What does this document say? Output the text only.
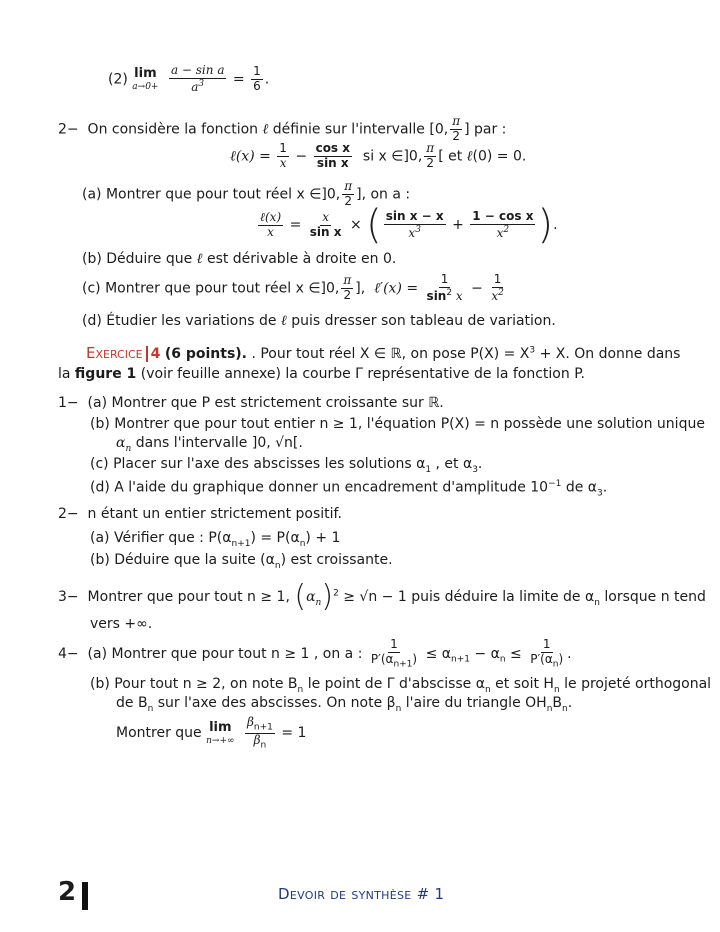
(2) lim
a→0+
$\frac{\text{a − sin a}}{a^3} = \frac{1}{6}$ .
2− On considère la fonction ℓ définie sur l'intervalle [0, $\frac{\pi}{2}$ ] par :
ℓ(x) = $\frac{1}{x} - \frac{\text{cos x}}{\text{sin x}}$ si x ∈]0, $\frac{\pi}{2}$ [ et ℓ(0) = 0.
(a) Montrer que pour tout réel x ∈]0, $\frac{\pi}{2}$ ], on a :
$\frac{\text{ℓ(x)}}{x} = \frac{x}{\text{sin x}}$ × ( $\frac{\text{sin x − x}}{x^3} + \frac{\text{1 − cos x}}{x^2}$ ).
(b) Déduire que ℓ est dérivable à droite en 0.
(c) Montrer que pour tout réel x ∈]0, $\frac{\pi}{2}$ ], ℓ′(x) = $\frac{1}{\sin^2 x} - \frac{1}{x^2}$
(d) Étudier les variations de ℓ puis dresser son tableau de variation.
Exercice 4 (6 points). . Pour tout réel X ∈ ℝ, on pose $P(X) = X^3 + X$. On donne dans
la figure 1 (voir feuille annexe) la courbe Γ représentative de la fonction P.
1− (a) Montrer que P est strictement croissante sur ℝ.
(b) Montrer que pour tout entier n ≥ 1, l'équation P(X) = n possède une solution unique
$\alpha_n$ dans l'intervalle ]0, √n[.
(c) Placer sur l'axe des abscisses les solutions $\alpha_1$ , et $\alpha_3$.
(d) A l'aide du graphique donner un encadrement d'amplitude $10^{-1}$ de $\alpha_3$.
2− n étant un entier strictement positif.
(a) Vérifier que : $P(\alpha_{n+1}) = P(\alpha_n) + 1$
(b) Déduire que la suite $(\alpha_n)$ est croissante.
3− Montrer que pour tout n ≥ 1, $(\alpha_n)^2 \ge √n - 1$ puis déduire la limite de $\alpha_n$ lorsque n tend
vers +∞.
4− (a) Montrer que pour tout n ≥ 1 , on a : $\frac{1}{P'(\alpha_{n+1})} \le \alpha_{n+1} - \alpha_n \le \frac{1}{P'(\alpha_n)}$ .
(b) Pour tout n ≥ 2, on note $B_n$ le point de Γ d'abscisse $\alpha_n$ et soit $H_n$ le projeté orthogonal
de $B_n$ sur l'axe des abscisses. On note $\beta_n$ l'aire du triangle $OH_nB_n$.
Montrer que lim
n→+∞
$\frac{\beta_{n+1}}{\beta_n} = 1$
2	Devoir de synthèse # 1
